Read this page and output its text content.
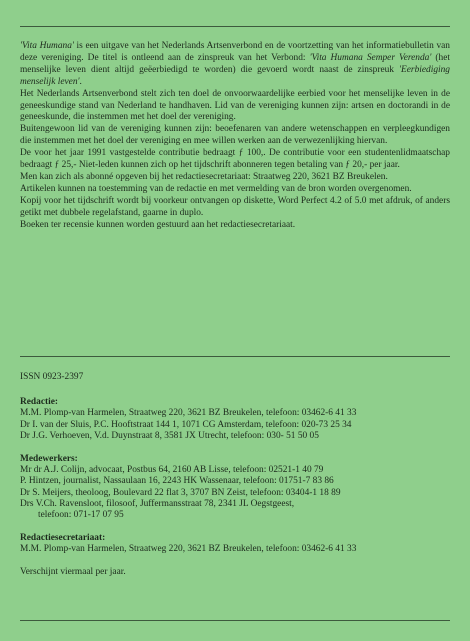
'Vita Humana' is een uitgave van het Nederlands Artsenverbond en de voortzetting van het informatiebulletin van deze vereniging. De titel is ontleend aan de zinspreuk van het Verbond: 'Vita Humana Semper Verenda' (het menselijke leven dient altijd geëerbiedigd te worden) die gevoerd wordt naast de zinspreuk 'Eerbiediging menselijk leven'.

Het Nederlands Artsenverbond stelt zich ten doel de onvoorwaardelijke eerbied voor het menselijke leven in de geneeskundige stand van Nederland te handhaven. Lid van de vereniging kunnen zijn: artsen en doctorandi in de geneeskunde, die instemmen met het doel der vereniging.

Buitengewoon lid van de vereniging kunnen zijn: beoefenaren van andere wetenschappen en verpleegkundigen die instemmen met het doel der vereniging en mee willen werken aan de verwezenlijking hiervan.

De voor het jaar 1991 vastgestelde contributie bedraagt ƒ 100,. De contributie voor een studentenlidmaatschap bedraagt ƒ 25,- Niet-leden kunnen zich op het tijdschrift abonneren tegen betaling van ƒ 20,- per jaar.

Men kan zich als abonné opgeven bij het redactiesecretariaat: Straatweg 220, 3621 BZ Breukelen.

Artikelen kunnen na toestemming van de redactie en met vermelding van de bron worden overgenomen.

Kopij voor het tijdschrift wordt bij voorkeur ontvangen op diskette, Word Perfect 4.2 of 5.0 met afdruk, of anders getikt met dubbele regelafstand, gaarne in duplo.

Boeken ter recensie kunnen worden gestuurd aan het redactiesecretariaat.

ISSN 0923-2397

Redactie:

M.M. Plomp-van Harmelen, Straatweg 220, 3621 BZ Breukelen, telefoon: 03462-6 41 33

Dr I. van der Sluis, P.C. Hooftstraat 144 1, 1071 CG Amsterdam, telefoon: 020-73 25 34

Dr J.G. Verhoeven, V.d. Duynstraat 8, 3581 JX Utrecht, telefoon: 030- 51 50 05

Medewerkers:

Mr dr A.J. Colijn, advocaat, Postbus 64, 2160 AB Lisse, telefoon: 02521-1 40 79

P. Hintzen, journalist, Nassaulaan 16, 2243 HK Wassenaar, telefoon: 01751-7 83 86

Dr S. Meijers, theoloog, Boulevard 22 flat 3, 3707 BN Zeist, telefoon: 03404-1 18 89

Drs V.Ch. Ravensloot, filosoof, Juffermansstraat 78, 2341 JL Oegstgeest,

telefoon: 071-17 07 95

Redactiesecretariaat:

M.M. Plomp-van Harmelen, Straatweg 220, 3621 BZ Breukelen, telefoon: 03462-6 41 33

Verschijnt viermaal per jaar.
